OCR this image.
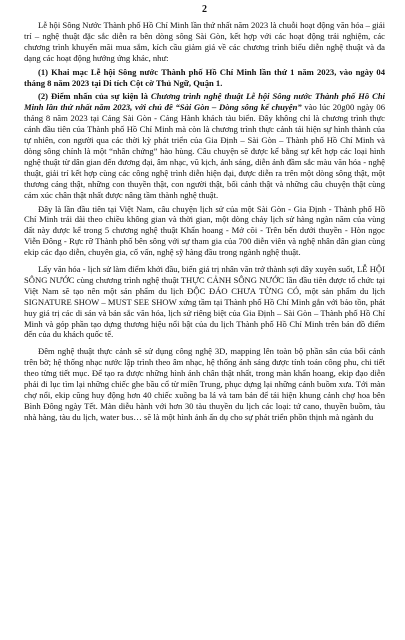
2

Lễ hội Sông Nước Thành phố Hồ Chí Minh lần thứ nhất năm 2023 là chuỗi hoạt động văn hóa – giải trí – nghệ thuật đặc sắc diễn ra bên dòng sông Sài Gòn, kết hợp với các hoạt động trải nghiệm, các chương trình khuyến mãi mua sắm, kích cầu giảm giá về các chương trình biểu diễn nghệ thuật và đa dạng các hoạt động hướng ứng khác, như:

(1) Khai mạc Lễ hội Sông nước Thành phố Hồ Chí Minh lần thứ 1 năm 2023, vào ngày 04 tháng 8 năm 2023 tại Di tích Cột cờ Thủ Ngữ, Quận 1.

(2) Điểm nhấn của sự kiện là Chương trình nghệ thuật Lễ hội Sông nước Thành phố Hồ Chí Minh lần thứ nhất năm 2023, với chủ đề “Sài Gòn – Dòng sông kể chuyện” vào lúc 20g00 ngày 06 tháng 8 năm 2023 tại Cảng Sài Gòn - Cảng Hành khách tàu biển. Đây không chỉ là chương trình thực cảnh đầu tiên của Thành phố Hồ Chí Minh mà còn là chương trình thực cảnh tái hiện sự hình thành của tự nhiên, con người qua các thời kỳ phát triển của Gia Định – Sài Gòn – Thành phố Hồ Chí Minh và dòng sông chính là một “nhân chứng” hào hùng. Câu chuyện sẽ được kể bằng sự kết hợp các loại hình nghệ thuật từ dân gian đến đương đại, âm nhạc, vũ kịch, ánh sáng, diễn ảnh đầm sắc màu văn hóa - nghệ thuật, giải trí kết hợp cùng các công nghệ trình diễn hiện đại, được diễn ra trên một dòng sông thật, một thương cảng thật, những con thuyền thật, con người thật, bối cảnh thật và những câu chuyện thật cùng cảm xúc chân thật nhất được nâng tầm thành nghệ thuật.

Đây là lần đầu tiên tại Việt Nam, câu chuyện lịch sử của một Sài Gòn - Gia Định - Thành phố Hồ Chí Minh trải dài theo chiều không gian và thời gian, một dòng chảy lịch sử hàng ngàn năm của vùng đất này được kể trong 5 chương nghệ thuật Khẩn hoang - Mở cõi - Trên bến dưới thuyền - Hòn ngọc Viễn Đông - Rực rỡ Thành phố bên sông với sự tham gia của 700 diễn viên và nghệ nhân dân gian cùng ekip các đạo diễn, chuyên gia, cố vấn, nghệ sỹ hàng đầu trong ngành nghệ thuật.

Lấy văn hóa - lịch sử làm điểm khởi đầu, biến giá trị nhân văn trở thành sợi dây xuyên suốt, LỄ HỘI SÔNG NƯỚC cùng chương trình nghệ thuật THỰC CẢNH SÔNG NƯỚC lần đầu tiên được tổ chức tại Việt Nam sẽ tạo nên một sản phẩm du lịch ĐỘC ĐÁO CHƯA TỪNG CÓ, một sản phẩm du lịch SIGNATURE SHOW – MUST SEE SHOW xứng tầm tại Thành phố Hồ Chí Minh gắn với bảo tồn, phát huy giá trị các di sản và bản sắc văn hóa, lịch sử riêng biệt của Gia Định – Sài Gòn – Thành phố Hồ Chí Minh và góp phần tạo dựng thương hiệu nổi bật của du lịch Thành phố Hồ Chí Minh trên bản đồ điểm đến của du khách quốc tế.

Đêm nghệ thuật thực cảnh sẽ sử dụng công nghệ 3D, mapping lên toàn bộ phần sân của bối cảnh trên bờ; hệ thống nhạc nước lập trình theo âm nhạc, hệ thống ánh sáng được tính toán công phu, chi tiết theo từng tiết mục. Để tạo ra được những hình ảnh chân thật nhất, trong màn khẩn hoang, ekip đạo diễn phải đi lục tìm lại những chiếc ghe bầu cổ từ miền Trung, phục dựng lại những cánh buồm xưa. Tới màn chợ nổi, ekip cũng huy động hơn 40 chiếc xuồng ba lá và tam bản để tái hiện khung cảnh chợ hoa bên Bình Đông ngày Tết. Màn diễu hành với hơn 30 tàu thuyền du lịch các loại: tứ cano, thuyền buồm, tàu nhà hàng, tàu du lịch, water bus… sẽ là một hình ảnh ấn dụ cho sự phát triển phồn thịnh mà ngành du
